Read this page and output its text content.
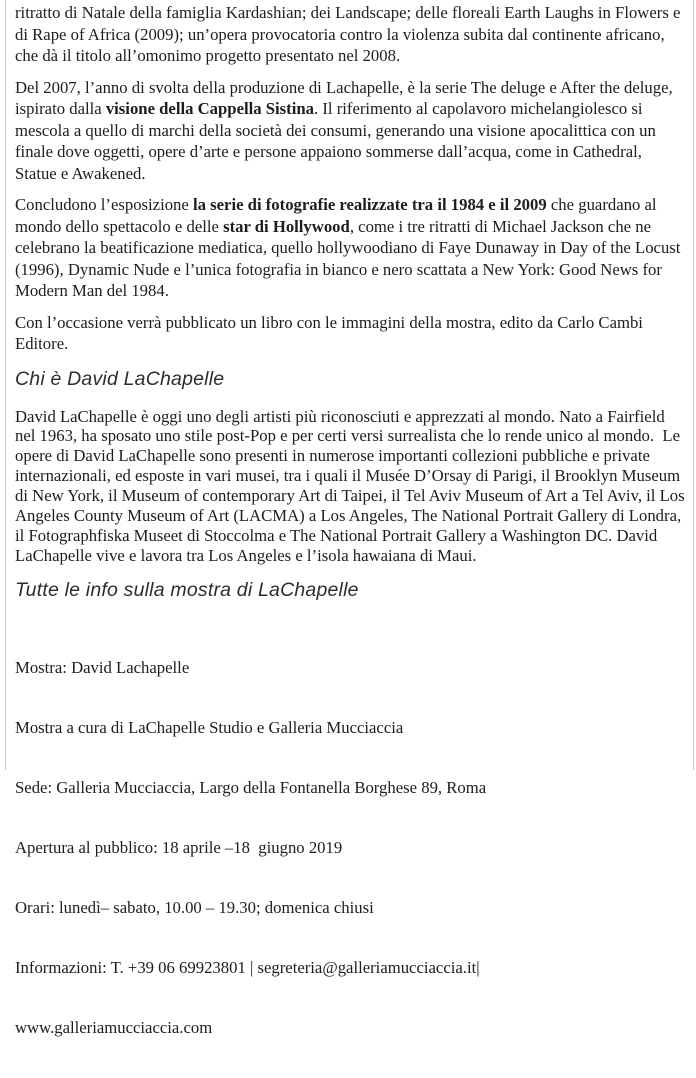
ritratto di Natale della famiglia Kardashian; dei Landscape; delle floreali Earth Laughs in Flowers e di Rape of Africa (2009); un’opera provocatoria contro la violenza subita dal continente africano, che dà il titolo all’omonimo progetto presentato nel 2008.

Del 2007, l’anno di svolta della produzione di Lachapelle, è la serie The deluge e After the deluge, ispirato dalla visione della Cappella Sistina. Il riferimento al capolavoro michelangiolesco si mescola a quello di marchi della società dei consumi, generando una visione apocalittica con un finale dove oggetti, opere d’arte e persone appaiono sommerse dall’acqua, come in Cathedral, Statue e Awakened.

Concludono l’esposizione la serie di fotografie realizzate tra il 1984 e il 2009 che guardano al mondo dello spettacolo e delle star di Hollywood, come i tre ritratti di Michael Jackson che ne celebrano la beatificazione mediatica, quello hollywoodiano di Faye Dunaway in Day of the Locust (1996), Dynamic Nude e l’unica fotografia in bianco e nero scattata a New York: Good News for Modern Man del 1984.

Con l’occasione verrà pubblicato un libro con le immagini della mostra, edito da Carlo Cambi Editore.

Chi è David LaChapelle

David LaChapelle è oggi uno degli artisti più riconosciuti e apprezzati al mondo. Nato a Fairfield nel 1963, ha sposato uno stile post-Pop e per certi versi surrealista che lo rende unico al mondo.  Le opere di David LaChapelle sono presenti in numerose importanti collezioni pubbliche e private internazionali, ed esposte in vari musei, tra i quali il Musée D’Orsay di Parigi, il Brooklyn Museum di New York, il Museum of contemporary Art di Taipei, il Tel Aviv Museum of Art a Tel Aviv, il Los Angeles County Museum of Art (LACMA) a Los Angeles, The National Portrait Gallery di Londra, il Fotographfiska Museet di Stoccolma e The National Portrait Gallery a Washington DC. David LaChapelle vive e lavora tra Los Angeles e l’isola hawaiana di Maui.

Tutte le info sulla mostra di LaChapelle

Mostra: David Lachapelle

Mostra a cura di LaChapelle Studio e Galleria Mucciaccia

Sede: Galleria Mucciaccia, Largo della Fontanella Borghese 89, Roma

Apertura al pubblico: 18 aprile –18  giugno 2019

Orari: lunedì– sabato, 10.00 – 19.30; domenica chiusi

Informazioni: T. +39 06 69923801 | segreteria@galleriamucciaccia.it|

www.galleriamucciaccia.com
